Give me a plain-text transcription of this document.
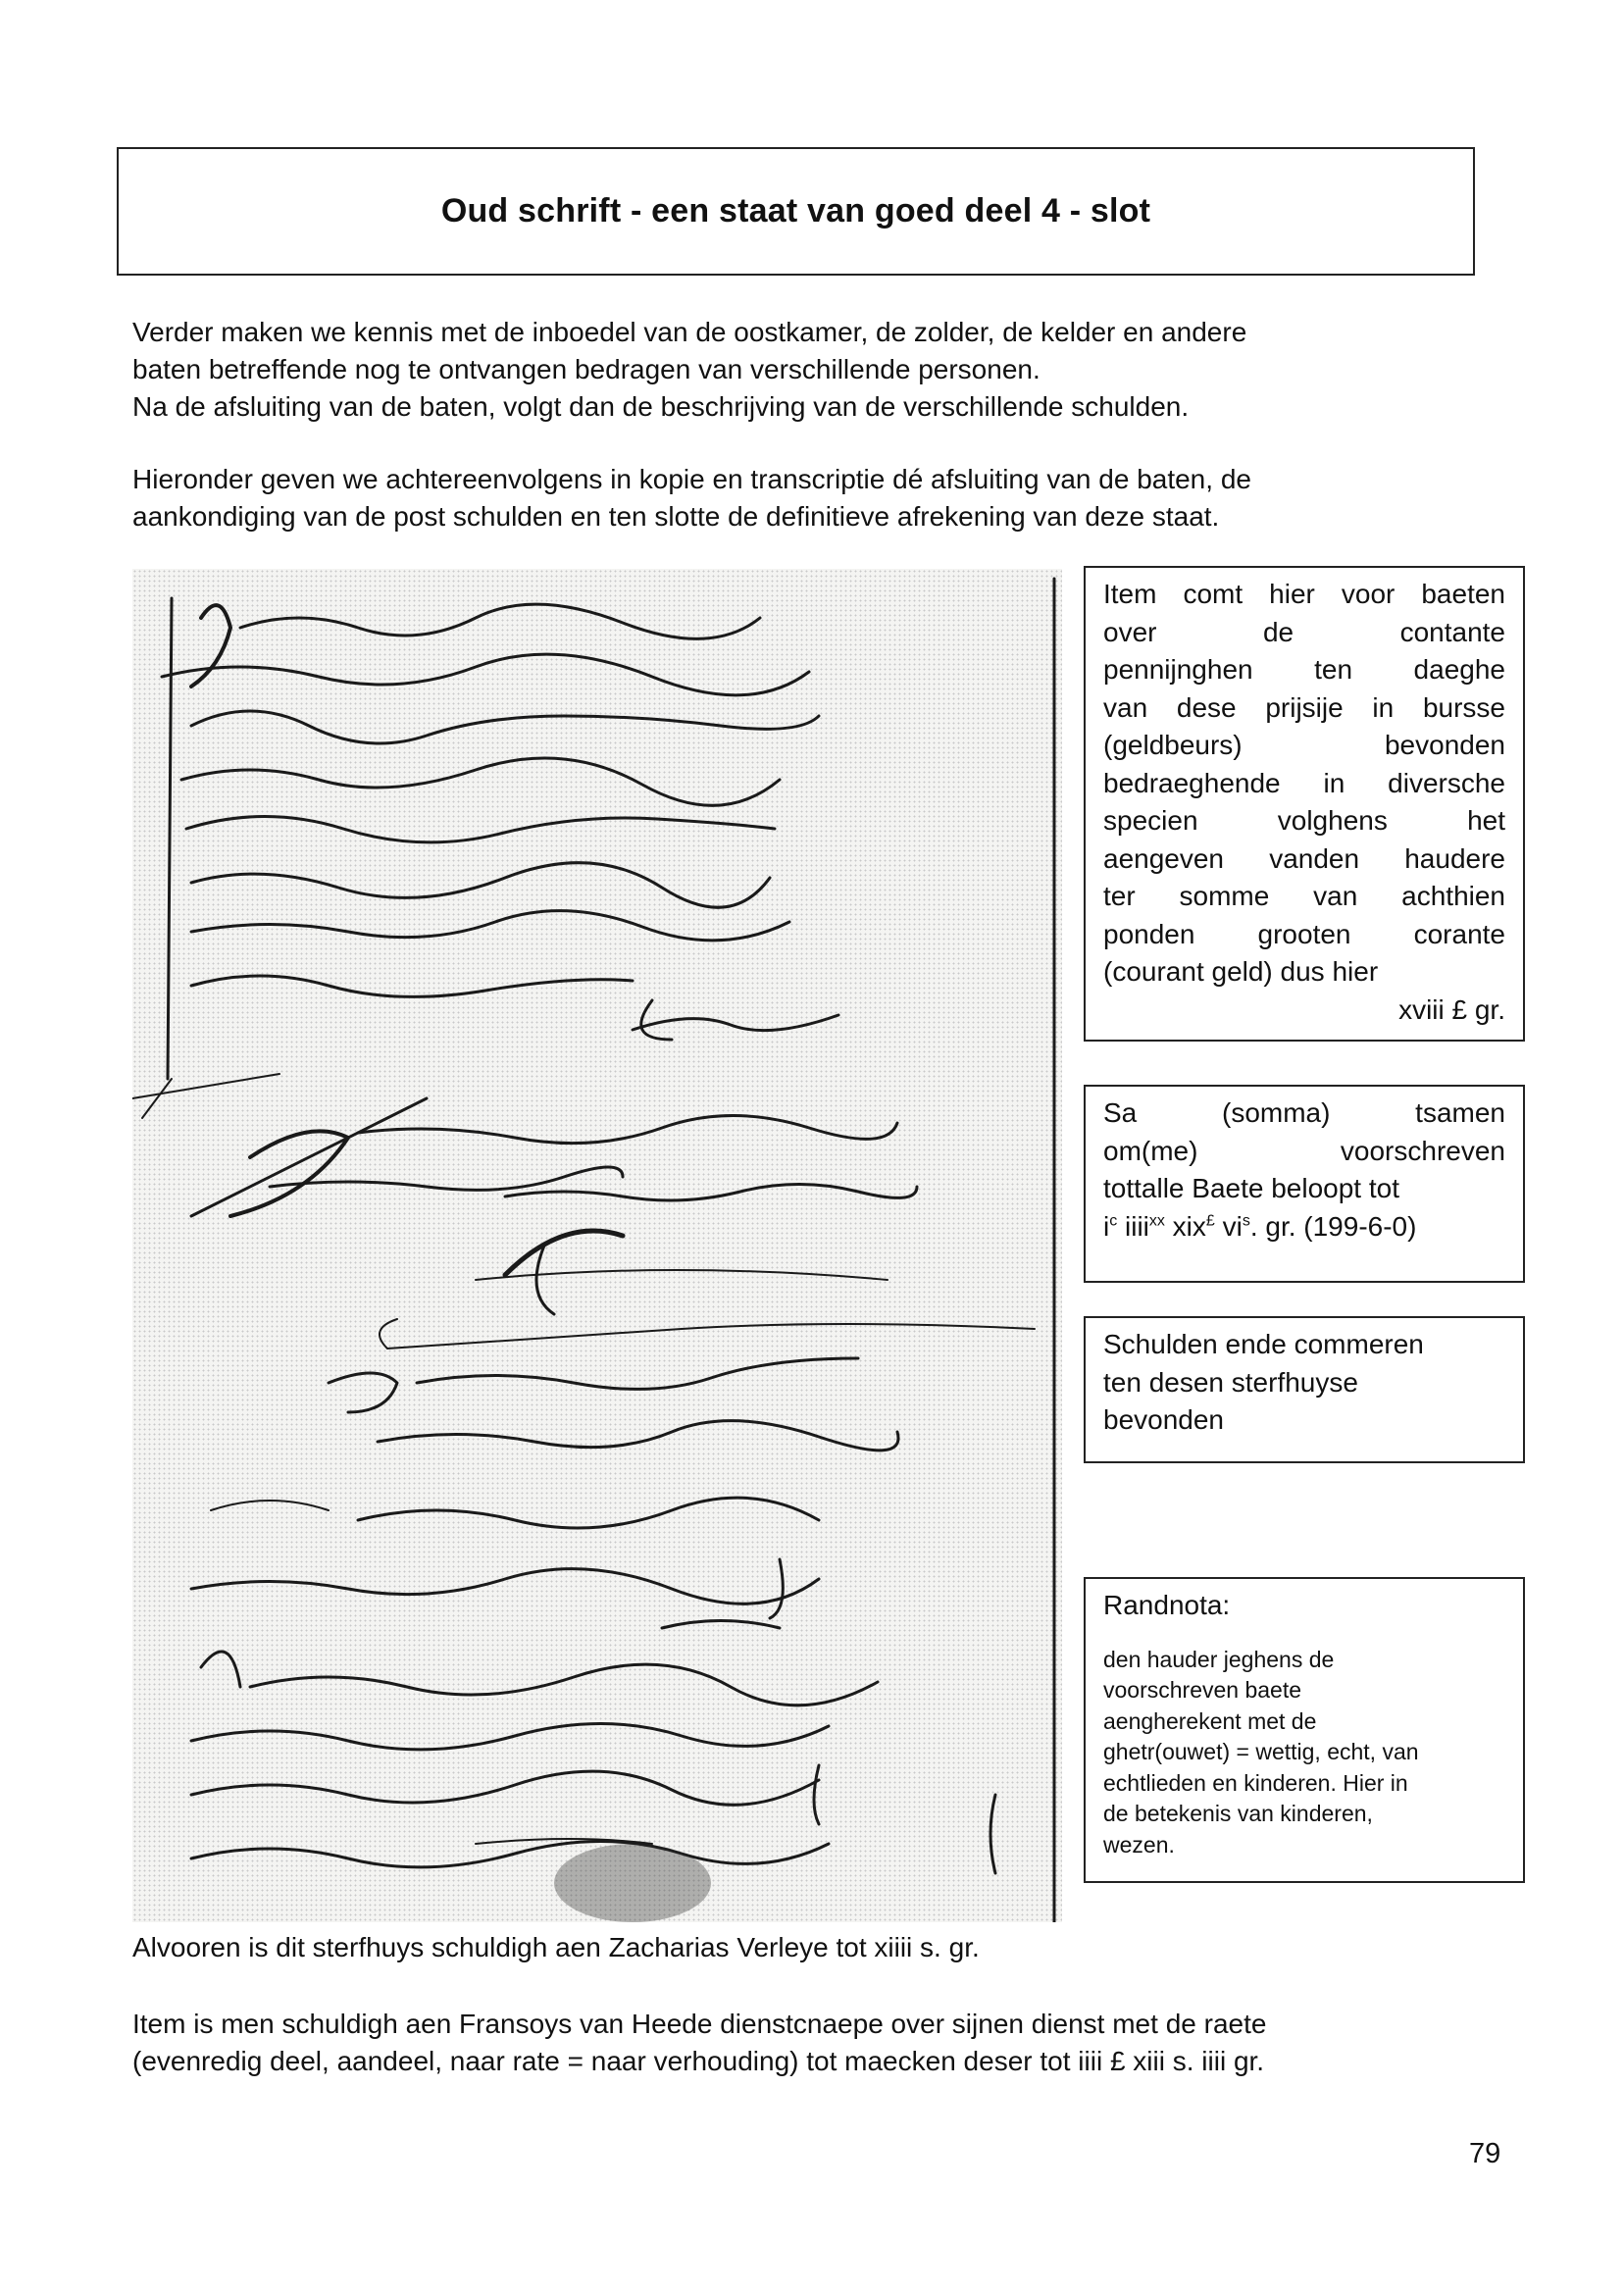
Oud schrift - een staat van goed deel 4 - slot

Verder maken we kennis met de inboedel van de oostkamer, de zolder, de kelder en andere

baten betreffende nog te ontvangen bedragen van verschillende personen.

Na de afsluiting van de baten, volgt dan de beschrijving van de verschillende schulden.

Hieronder geven we achtereenvolgens in kopie en transcriptie dé afsluiting van de baten, de

aankondiging van de post schulden en ten slotte de definitieve afrekening van deze staat.

Item comt hier voor baeten
over de contante
pennijnghen ten daeghe
van dese prijsije in bursse
(geldbeurs) bevonden
bedraeghende in diversche
specien volghens het
aengeven vanden haudere
ter somme van achthien
ponden grooten corante
(courant geld) dus hier
xviii £ gr.
Sa (somma) tsamen
om(me) voorschreven
tottalle Baete beloopt tot
$i^c$ iiii$^{xx}$ xix£ $vi^s$. gr. (199-6-0)
Schulden ende commeren
ten desen sterfhuyse
bevonden
Randnota:
den hauder jeghens de
voorschreven baete
aengherekent met de
ghetr(ouwet) = wettig, echt, van
echtlieden en kinderen. Hier in
de betekenis van kinderen,
wezen.
Alvooren is dit sterfhuys schuldigh aen Zacharias Verleye tot xiiii s. gr.
Item is men schuldigh aen Fransoys van Heede dienstcnaepe over sijnen dienst met de raete
(evenredig deel, aandeel, naar rate = naar verhouding) tot maecken deser tot iiii £ xiii s. iiii gr.
79
